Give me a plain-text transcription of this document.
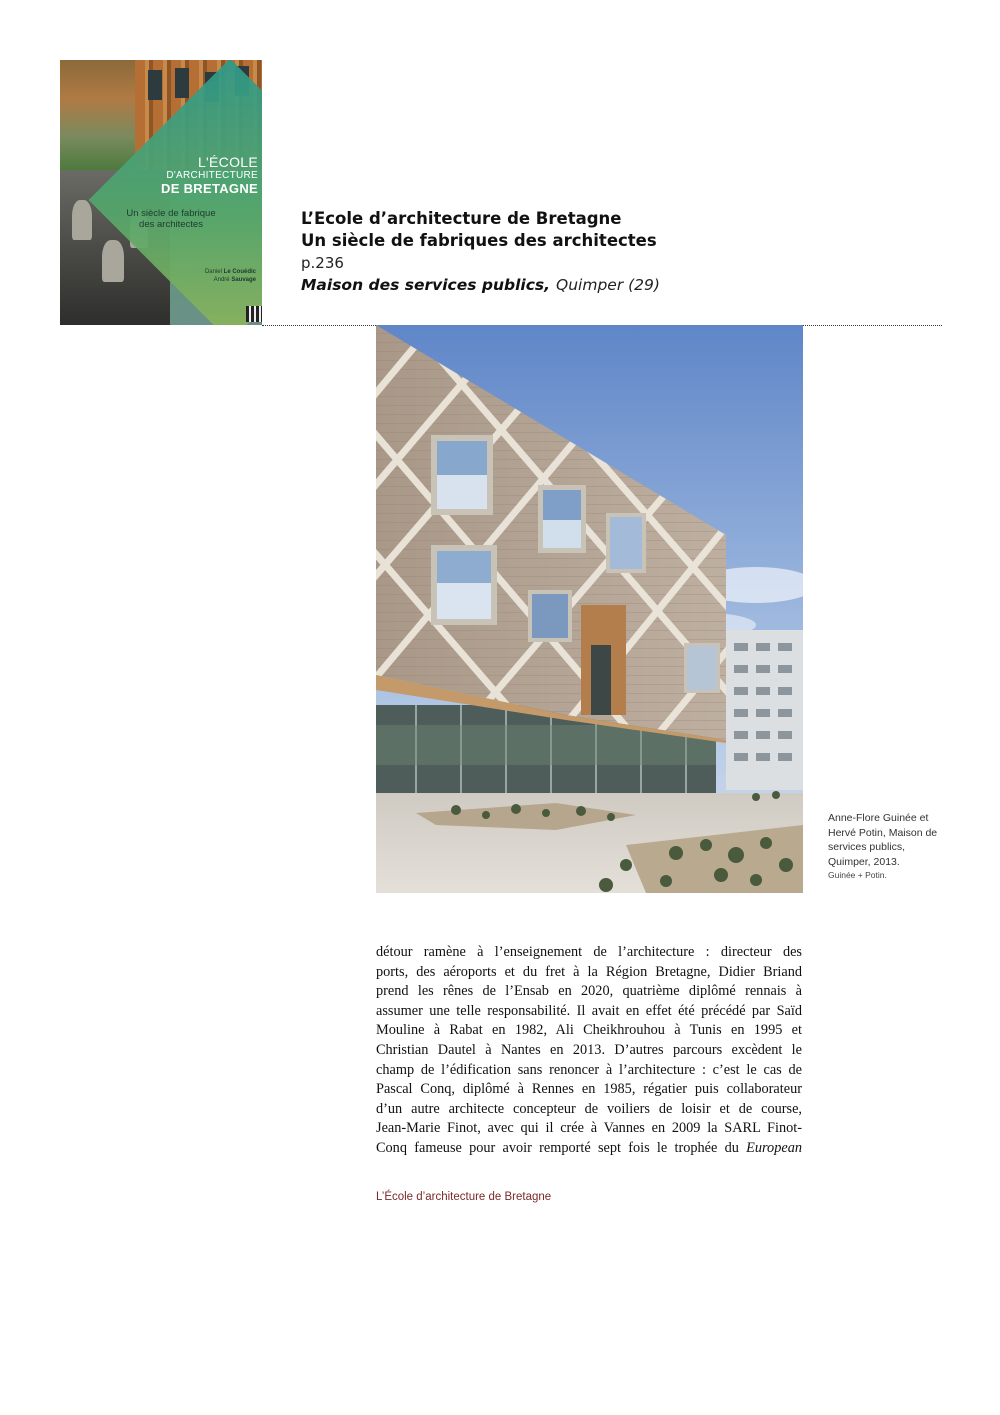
L'ÉCOLE
D'ARCHITECTURE
DE BRETAGNE
Un siècle de fabrique
des architectes
Daniel Le Couédic
André Sauvage
L’Ecole d’architecture de Bretagne
Un siècle de fabriques des architectes
p.236
Maison des services publics, Quimper (29)
Anne-Flore Guinée et
Hervé Potin, Maison de
services publics,
Quimper, 2013.
Guinée + Potin.
détour ramène à l’enseignement de l’architecture : directeur des
ports, des aéroports et du fret à la Région Bretagne, Didier Briand
prend les rênes de l’Ensab en 2020, quatrième diplômé rennais à
assumer une telle responsabilité. Il avait en effet été précédé par Saïd
Mouline à Rabat en 1982, Ali Cheikhrouhou à Tunis en 1995 et
Christian Dautel à Nantes en 2013. D’autres parcours excèdent le
champ de l’édification sans renoncer à l’architecture : c’est le cas de
Pascal Conq, diplômé à Rennes en 1985, régatier puis collaborateur
d’un autre architecte concepteur de voiliers de loisir et de course,
Jean-Marie Finot, avec qui il crée à Vannes en 2009 la SARL Finot-
Conq fameuse pour avoir remporté sept fois le trophée du European
L’École d’architecture de Bretagne
